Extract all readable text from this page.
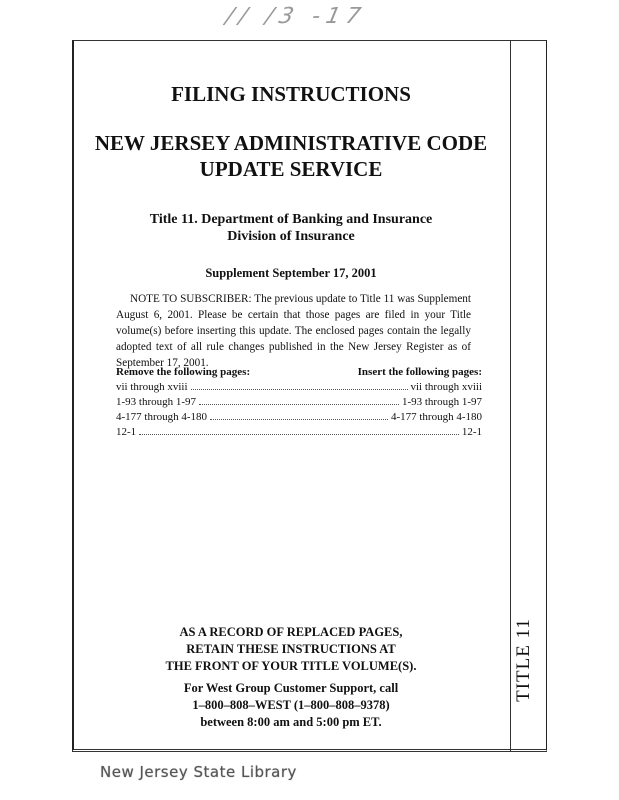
// /3 -17
TITLE 11
FILING INSTRUCTIONS
NEW JERSEY ADMINISTRATIVE CODE
UPDATE SERVICE
Title 11. Department of Banking and Insurance
Division of Insurance
Supplement September 17, 2001
NOTE TO SUBSCRIBER: The previous update to Title 11 was Supplement August 6, 2001. Please be certain that those pages are filed in your Title volume(s) before inserting this update. The enclosed pages contain the legally adopted text of all rule changes published in the New Jersey Register as of September 17, 2001.
Remove the following pages:	Insert the following pages:
vii through xviii	vii through xviii
1-93 through 1-97	1-93 through 1-97
4-177 through 4-180	4-177 through 4-180
12-1	12-1
AS A RECORD OF REPLACED PAGES,
RETAIN THESE INSTRUCTIONS AT
THE FRONT OF YOUR TITLE VOLUME(S).
For West Group Customer Support, call
1–800–808–WEST (1–800–808–9378)
between 8:00 am and 5:00 pm ET.
New Jersey State Library
